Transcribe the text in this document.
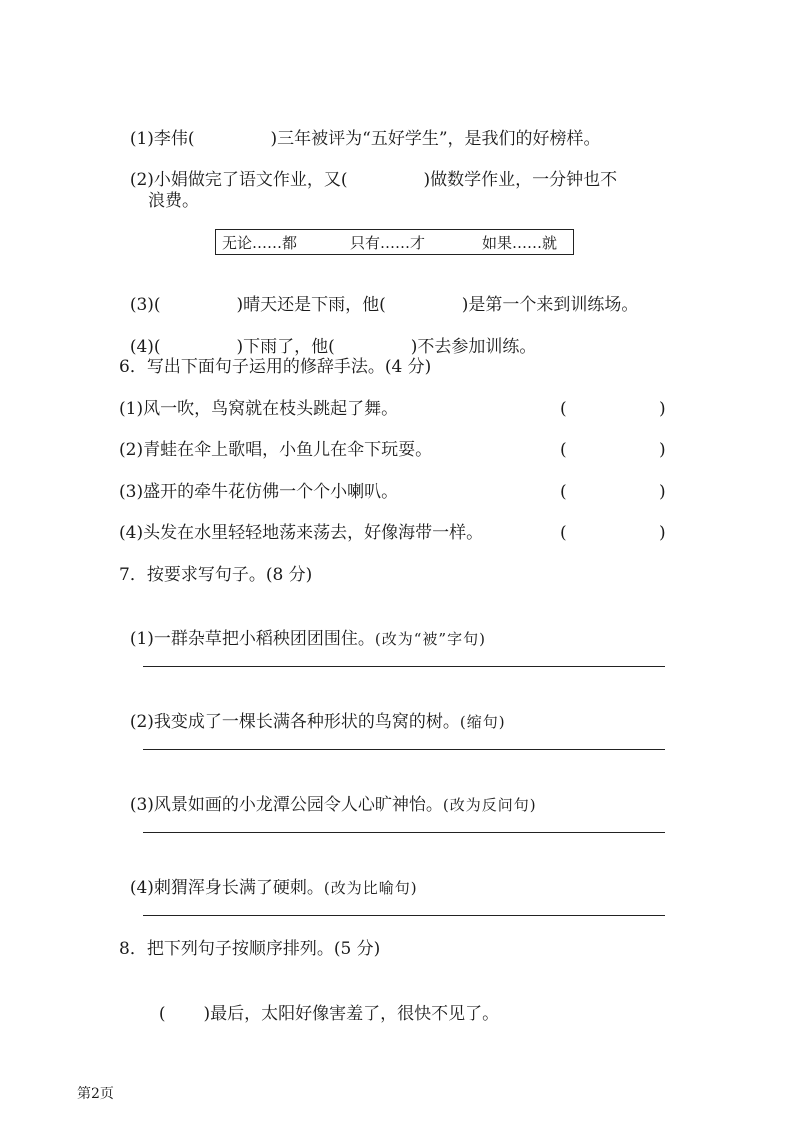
(1)李伟(	)三年被评为“五好学生”，是我们的好榜样。

(2)小娟做完了语文作业，又(	)做数学作业，一分钟也不

浪费。
无论……都	只有……才	如果……就

(3)(	)晴天还是下雨，他(	)是第一个来到训练场。

(4)(	)下雨了，他(	)不去参加训练。

6．写出下面句子运用的修辞手法。(4 分)
(1)风一吹，鸟窝就在枝头跳起了舞。	(	)
(2)青蛙在伞上歌唱，小鱼儿在伞下玩耍。	(	)
(3)盛开的牵牛花仿佛一个个小喇叭。	(	)
(4)头发在水里轻轻地荡来荡去，好像海带一样。	(	)
7．按要求写句子。(8 分)

(1)一群杂草把小稻秧团团围住。(改为“被”字句)

(2)我变成了一棵长满各种形状的鸟窝的树。(缩句)

(3)风景如画的小龙潭公园令人心旷神怡。(改为反问句)

(4)刺猬浑身长满了硬刺。(改为比喻句)

8．把下列句子按顺序排列。(5 分)

( )最后，太阳好像害羞了，很快不见了。

第2页
